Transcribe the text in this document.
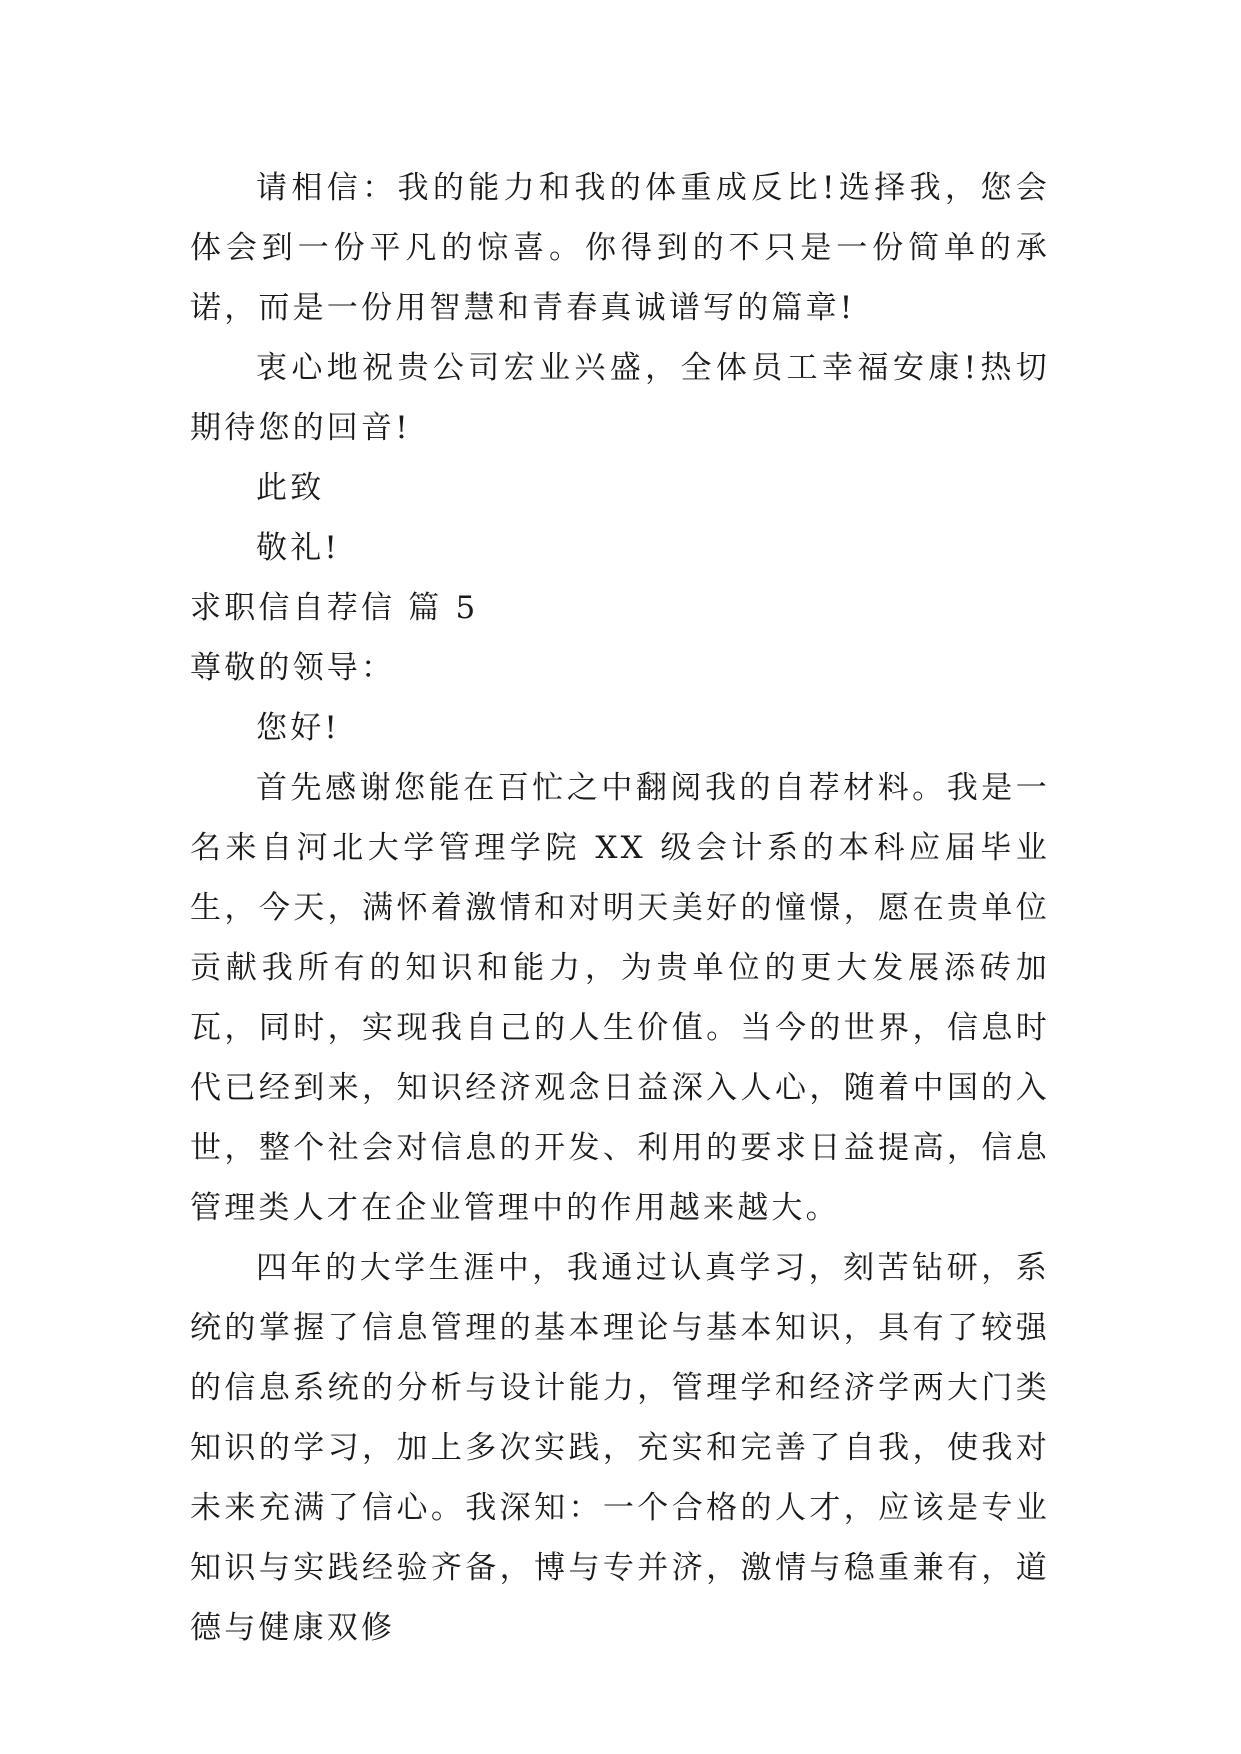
请相信：我的能力和我的体重成反比!选择我，您会体会到一份平凡的惊喜。你得到的不只是一份简单的承诺，而是一份用智慧和青春真诚谱写的篇章!

衷心地祝贵公司宏业兴盛，全体员工幸福安康!热切期待您的回音!

此致

敬礼!

求职信自荐信 篇 5

尊敬的领导：

您好!

首先感谢您能在百忙之中翻阅我的自荐材料。我是一名来自河北大学管理学院 XX 级会计系的本科应届毕业生，今天，满怀着激情和对明天美好的憧憬，愿在贵单位贡献我所有的知识和能力，为贵单位的更大发展添砖加瓦，同时，实现我自己的人生价值。当今的世界，信息时代已经到来，知识经济观念日益深入人心，随着中国的入世，整个社会对信息的开发、利用的要求日益提高，信息管理类人才在企业管理中的作用越来越大。

四年的大学生涯中，我通过认真学习，刻苦钻研，系统的掌握了信息管理的基本理论与基本知识，具有了较强的信息系统的分析与设计能力，管理学和经济学两大门类知识的学习，加上多次实践，充实和完善了自我，使我对未来充满了信心。我深知：一个合格的人才，应该是专业知识与实践经验齐备，博与专并济，激情与稳重兼有，道德与健康双修
